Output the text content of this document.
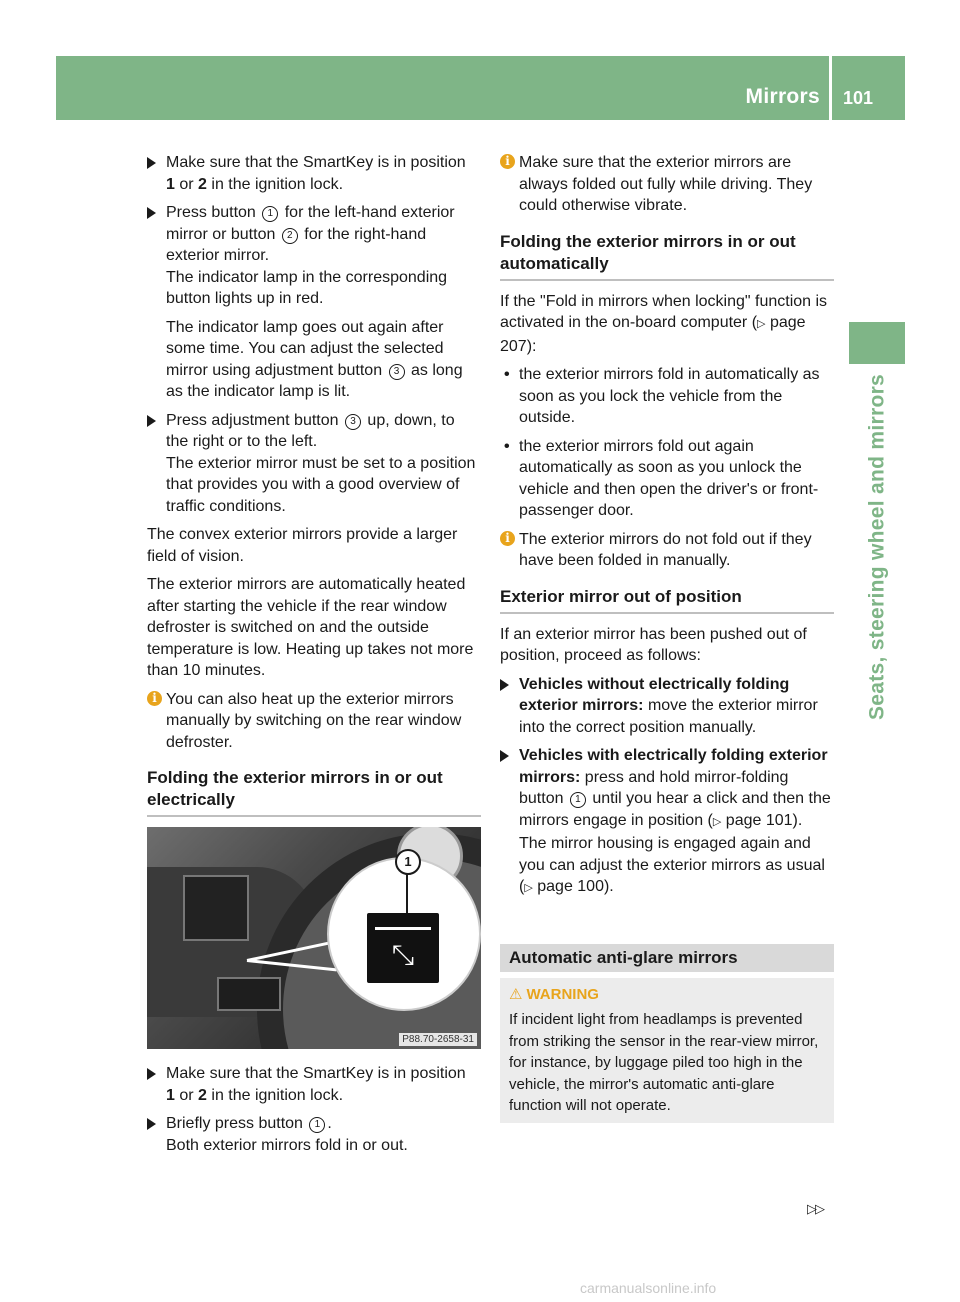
Mirrors 101
Seats, steering wheel and mirrors
Make sure that the SmartKey is in position
1 or 2 in the ignition lock.
Press button 1 for the left-hand exterior mirror or button 2 for the right-hand exterior mirror.
The indicator lamp in the corresponding button lights up in red.
The indicator lamp goes out again after some time. You can adjust the selected mirror using adjustment button 3 as long as the indicator lamp is lit.
Press adjustment button 3 up, down, to the right or to the left.
The exterior mirror must be set to a position that provides you with a good overview of traffic conditions.

The convex exterior mirrors provide a larger field of vision.

The exterior mirrors are automatically heated after starting the vehicle if the rear window defroster is switched on and the outside temperature is low. Heating up takes not more than 10 minutes.

i You can also heat up the exterior mirrors manually by switching on the rear window defroster.
Folding the exterior mirrors in or out electrically
1
⤡
P88.70-2658-31
Make sure that the SmartKey is in position
1 or 2 in the ignition lock.
Briefly press button 1 .
Both exterior mirrors fold in or out.
i Make sure that the exterior mirrors are always folded out fully while driving. They could otherwise vibrate.
Folding the exterior mirrors in or out automatically

If the "Fold in mirrors when locking" function is activated in the on-board computer (▷ page 207):

• the exterior mirrors fold in automatically as soon as you lock the vehicle from the outside.
• the exterior mirrors fold out again automatically as soon as you unlock the vehicle and then open the driver's or front-passenger door.
i The exterior mirrors do not fold out if they have been folded in manually.
Exterior mirror out of position

If an exterior mirror has been pushed out of position, proceed as follows:

Vehicles without electrically folding exterior mirrors: move the exterior mirror into the correct position manually.
Vehicles with electrically folding exterior mirrors: press and hold mirror-folding button 1 until you hear a click and then the mirrors engage in position (▷ page 101).
The mirror housing is engaged again and you can adjust the exterior mirrors as usual (▷ page 100).
Automatic anti-glare mirrors
⚠ WARNING
If incident light from headlamps is prevented from striking the sensor in the rear-view mirror, for instance, by luggage piled too high in the vehicle, the mirror's automatic anti-glare function will not operate.
▷▷
carmanualsonline.info
